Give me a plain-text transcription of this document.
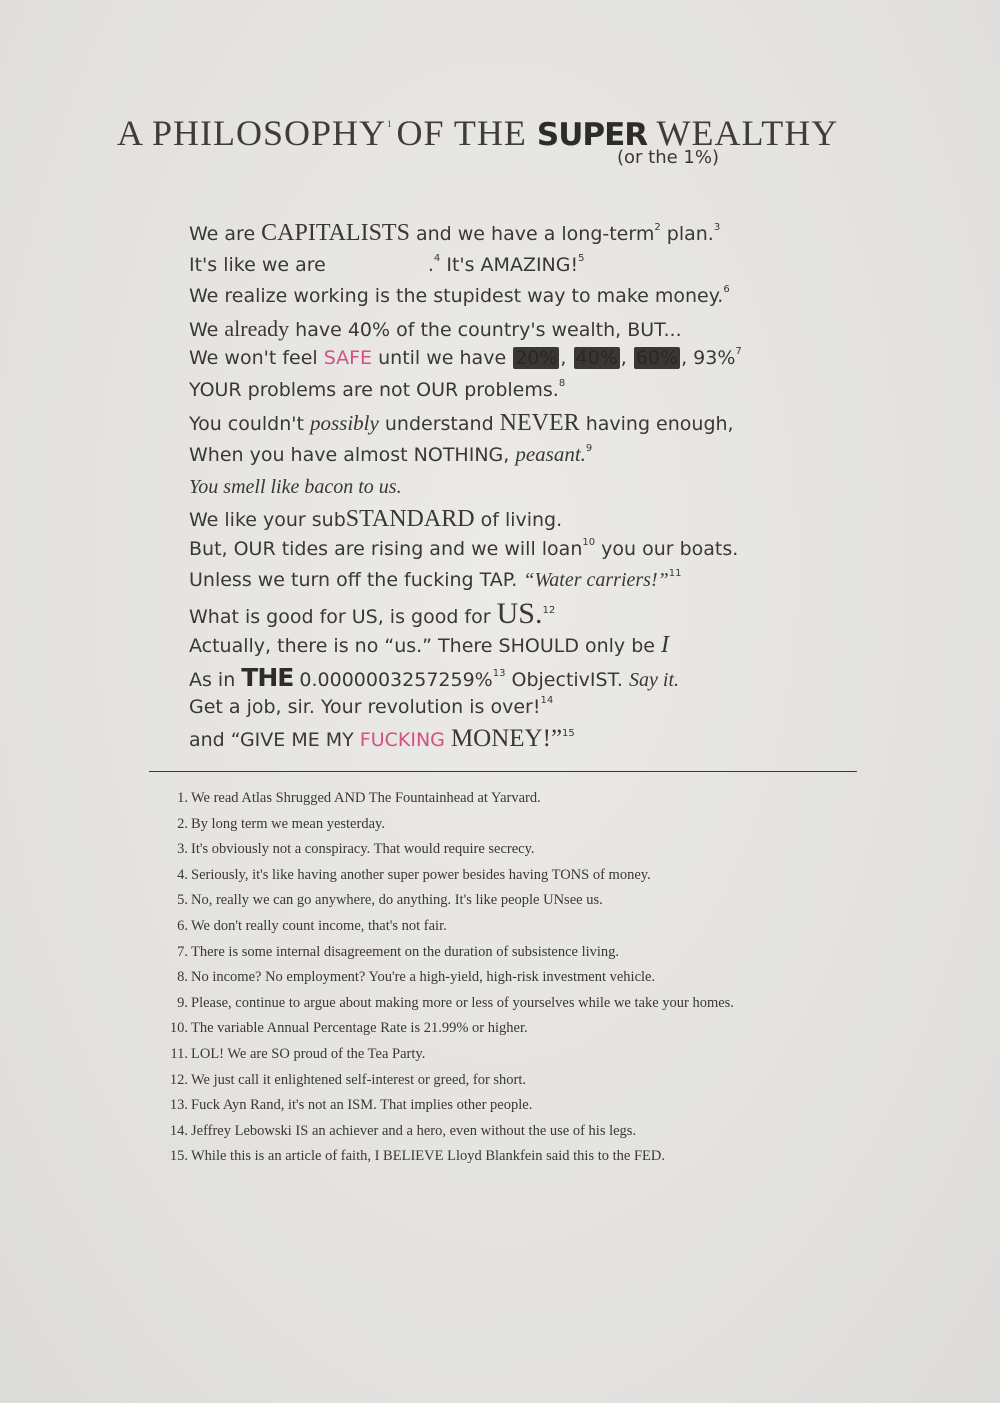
A PHILOSOPHY$^1$ OF THE SUPER WEALTHY
(or the 1%)
We are CAPITALISTS and we have a long-term$^2$ plan.$^3$
It's like we are	.$^4$ It's AMAZING!$^5$
We realize working is the stupidest way to make money.$^6$
We already have 40% of the country's wealth, BUT...
We won't feel SAFE until we have 20% , 40% , 60% , 93%$^7$
YOUR problems are not OUR problems.$^8$
You couldn't possibly understand NEVER having enough,
When you have almost NOTHING, peasant.$^9$
You smell like bacon to us.
We like your subSTANDARD of living.
But, OUR tides are rising and we will loan$^{10}$ you our boats.
Unless we turn off the fucking TAP. “Water carriers!”$^{11}$
What is good for US, is good for US.$^{12}$
Actually, there is no “us.” There SHOULD only be I
As in THE 0.0000003257259%$^{13}$ ObjectivIST. Say it.
Get a job, sir. Your revolution is over!$^{14}$
and “GIVE ME MY FUCKING MONEY!”$^{15}$
1. We read Atlas Shrugged AND The Fountainhead at Yarvard.
2. By long term we mean yesterday.
3. It's obviously not a conspiracy. That would require secrecy.
4. Seriously, it's like having another super power besides having TONS of money.
5. No, really we can go anywhere, do anything. It's like people UNsee us.
6. We don't really count income, that's not fair.
7. There is some internal disagreement on the duration of subsistence living.
8. No income? No employment? You're a high-yield, high-risk investment vehicle.
9. Please, continue to argue about making more or less of yourselves while we take your homes.
10. The variable Annual Percentage Rate is 21.99% or higher.
11. LOL! We are SO proud of the Tea Party.
12. We just call it enlightened self-interest or greed, for short.
13. Fuck Ayn Rand, it's not an ISM. That implies other people.
14. Jeffrey Lebowski IS an achiever and a hero, even without the use of his legs.
15. While this is an article of faith, I BELIEVE Lloyd Blankfein said this to the FED.
